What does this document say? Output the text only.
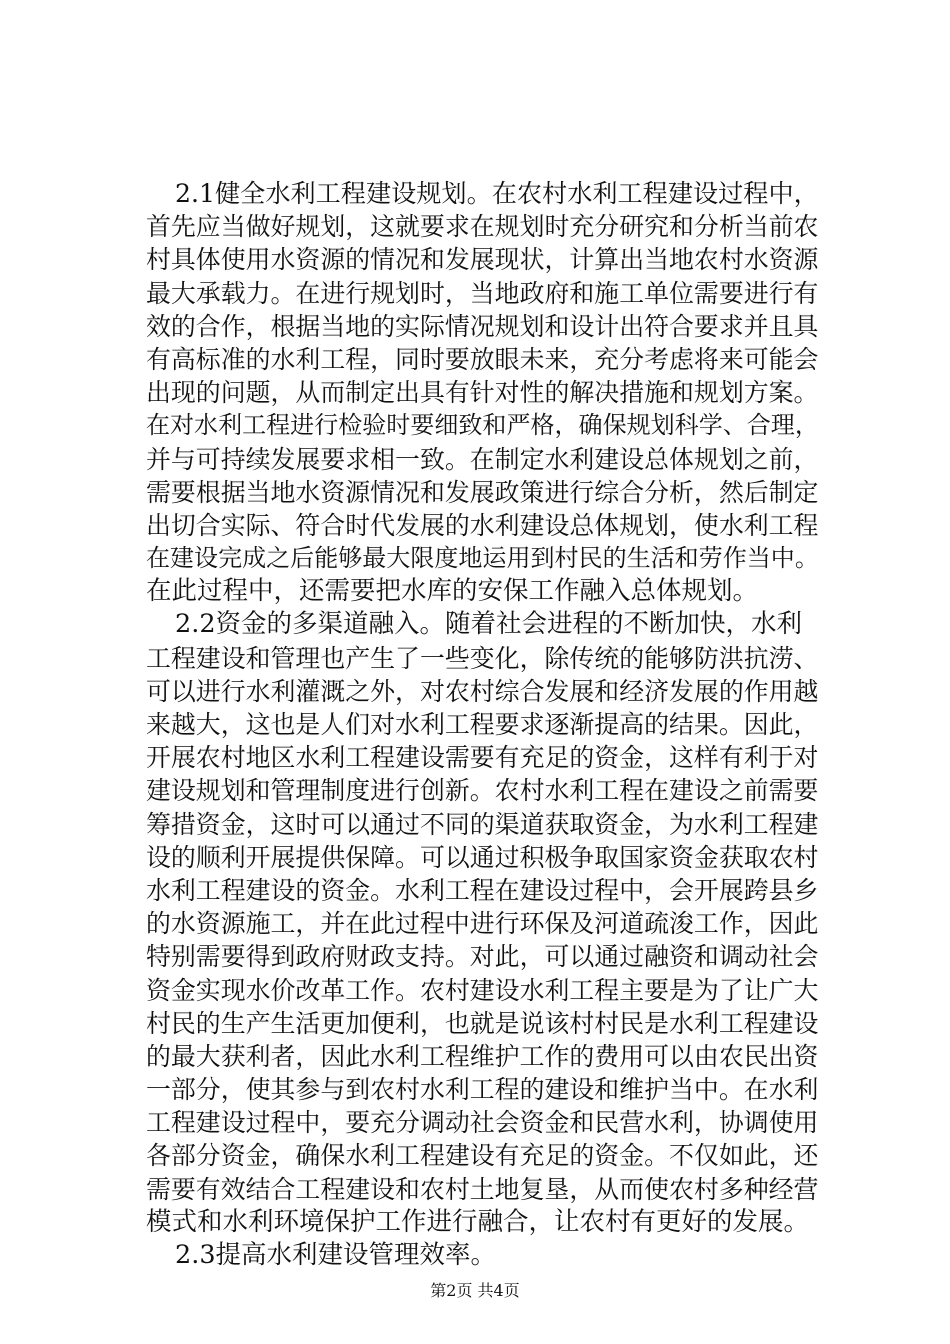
2.1健全水利工程建设规划。在农村水利工程建设过程中，
首先应当做好规划，这就要求在规划时充分研究和分析当前农
村具体使用水资源的情况和发展现状，计算出当地农村水资源
最大承载力。在进行规划时，当地政府和施工单位需要进行有
效的合作，根据当地的实际情况规划和设计出符合要求并且具
有高标准的水利工程，同时要放眼未来，充分考虑将来可能会
出现的问题，从而制定出具有针对性的解决措施和规划方案。
在对水利工程进行检验时要细致和严格，确保规划科学、合理，
并与可持续发展要求相一致。在制定水利建设总体规划之前，
需要根据当地水资源情况和发展政策进行综合分析，然后制定
出切合实际、符合时代发展的水利建设总体规划，使水利工程
在建设完成之后能够最大限度地运用到村民的生活和劳作当中。
在此过程中，还需要把水库的安保工作融入总体规划。
2.2资金的多渠道融入。随着社会进程的不断加快，水利
工程建设和管理也产生了一些变化，除传统的能够防洪抗涝、
可以进行水利灌溉之外，对农村综合发展和经济发展的作用越
来越大，这也是人们对水利工程要求逐渐提高的结果。因此，
开展农村地区水利工程建设需要有充足的资金，这样有利于对
建设规划和管理制度进行创新。农村水利工程在建设之前需要
筹措资金，这时可以通过不同的渠道获取资金，为水利工程建
设的顺利开展提供保障。可以通过积极争取国家资金获取农村
水利工程建设的资金。水利工程在建设过程中，会开展跨县乡
的水资源施工，并在此过程中进行环保及河道疏浚工作，因此
特别需要得到政府财政支持。对此，可以通过融资和调动社会
资金实现水价改革工作。农村建设水利工程主要是为了让广大
村民的生产生活更加便利，也就是说该村村民是水利工程建设
的最大获利者，因此水利工程维护工作的费用可以由农民出资
一部分，使其参与到农村水利工程的建设和维护当中。在水利
工程建设过程中，要充分调动社会资金和民营水利，协调使用
各部分资金，确保水利工程建设有充足的资金。不仅如此，还
需要有效结合工程建设和农村土地复垦，从而使农村多种经营
模式和水利环境保护工作进行融合，让农村有更好的发展。
2.3提高水利建设管理效率。
第2页 共4页
